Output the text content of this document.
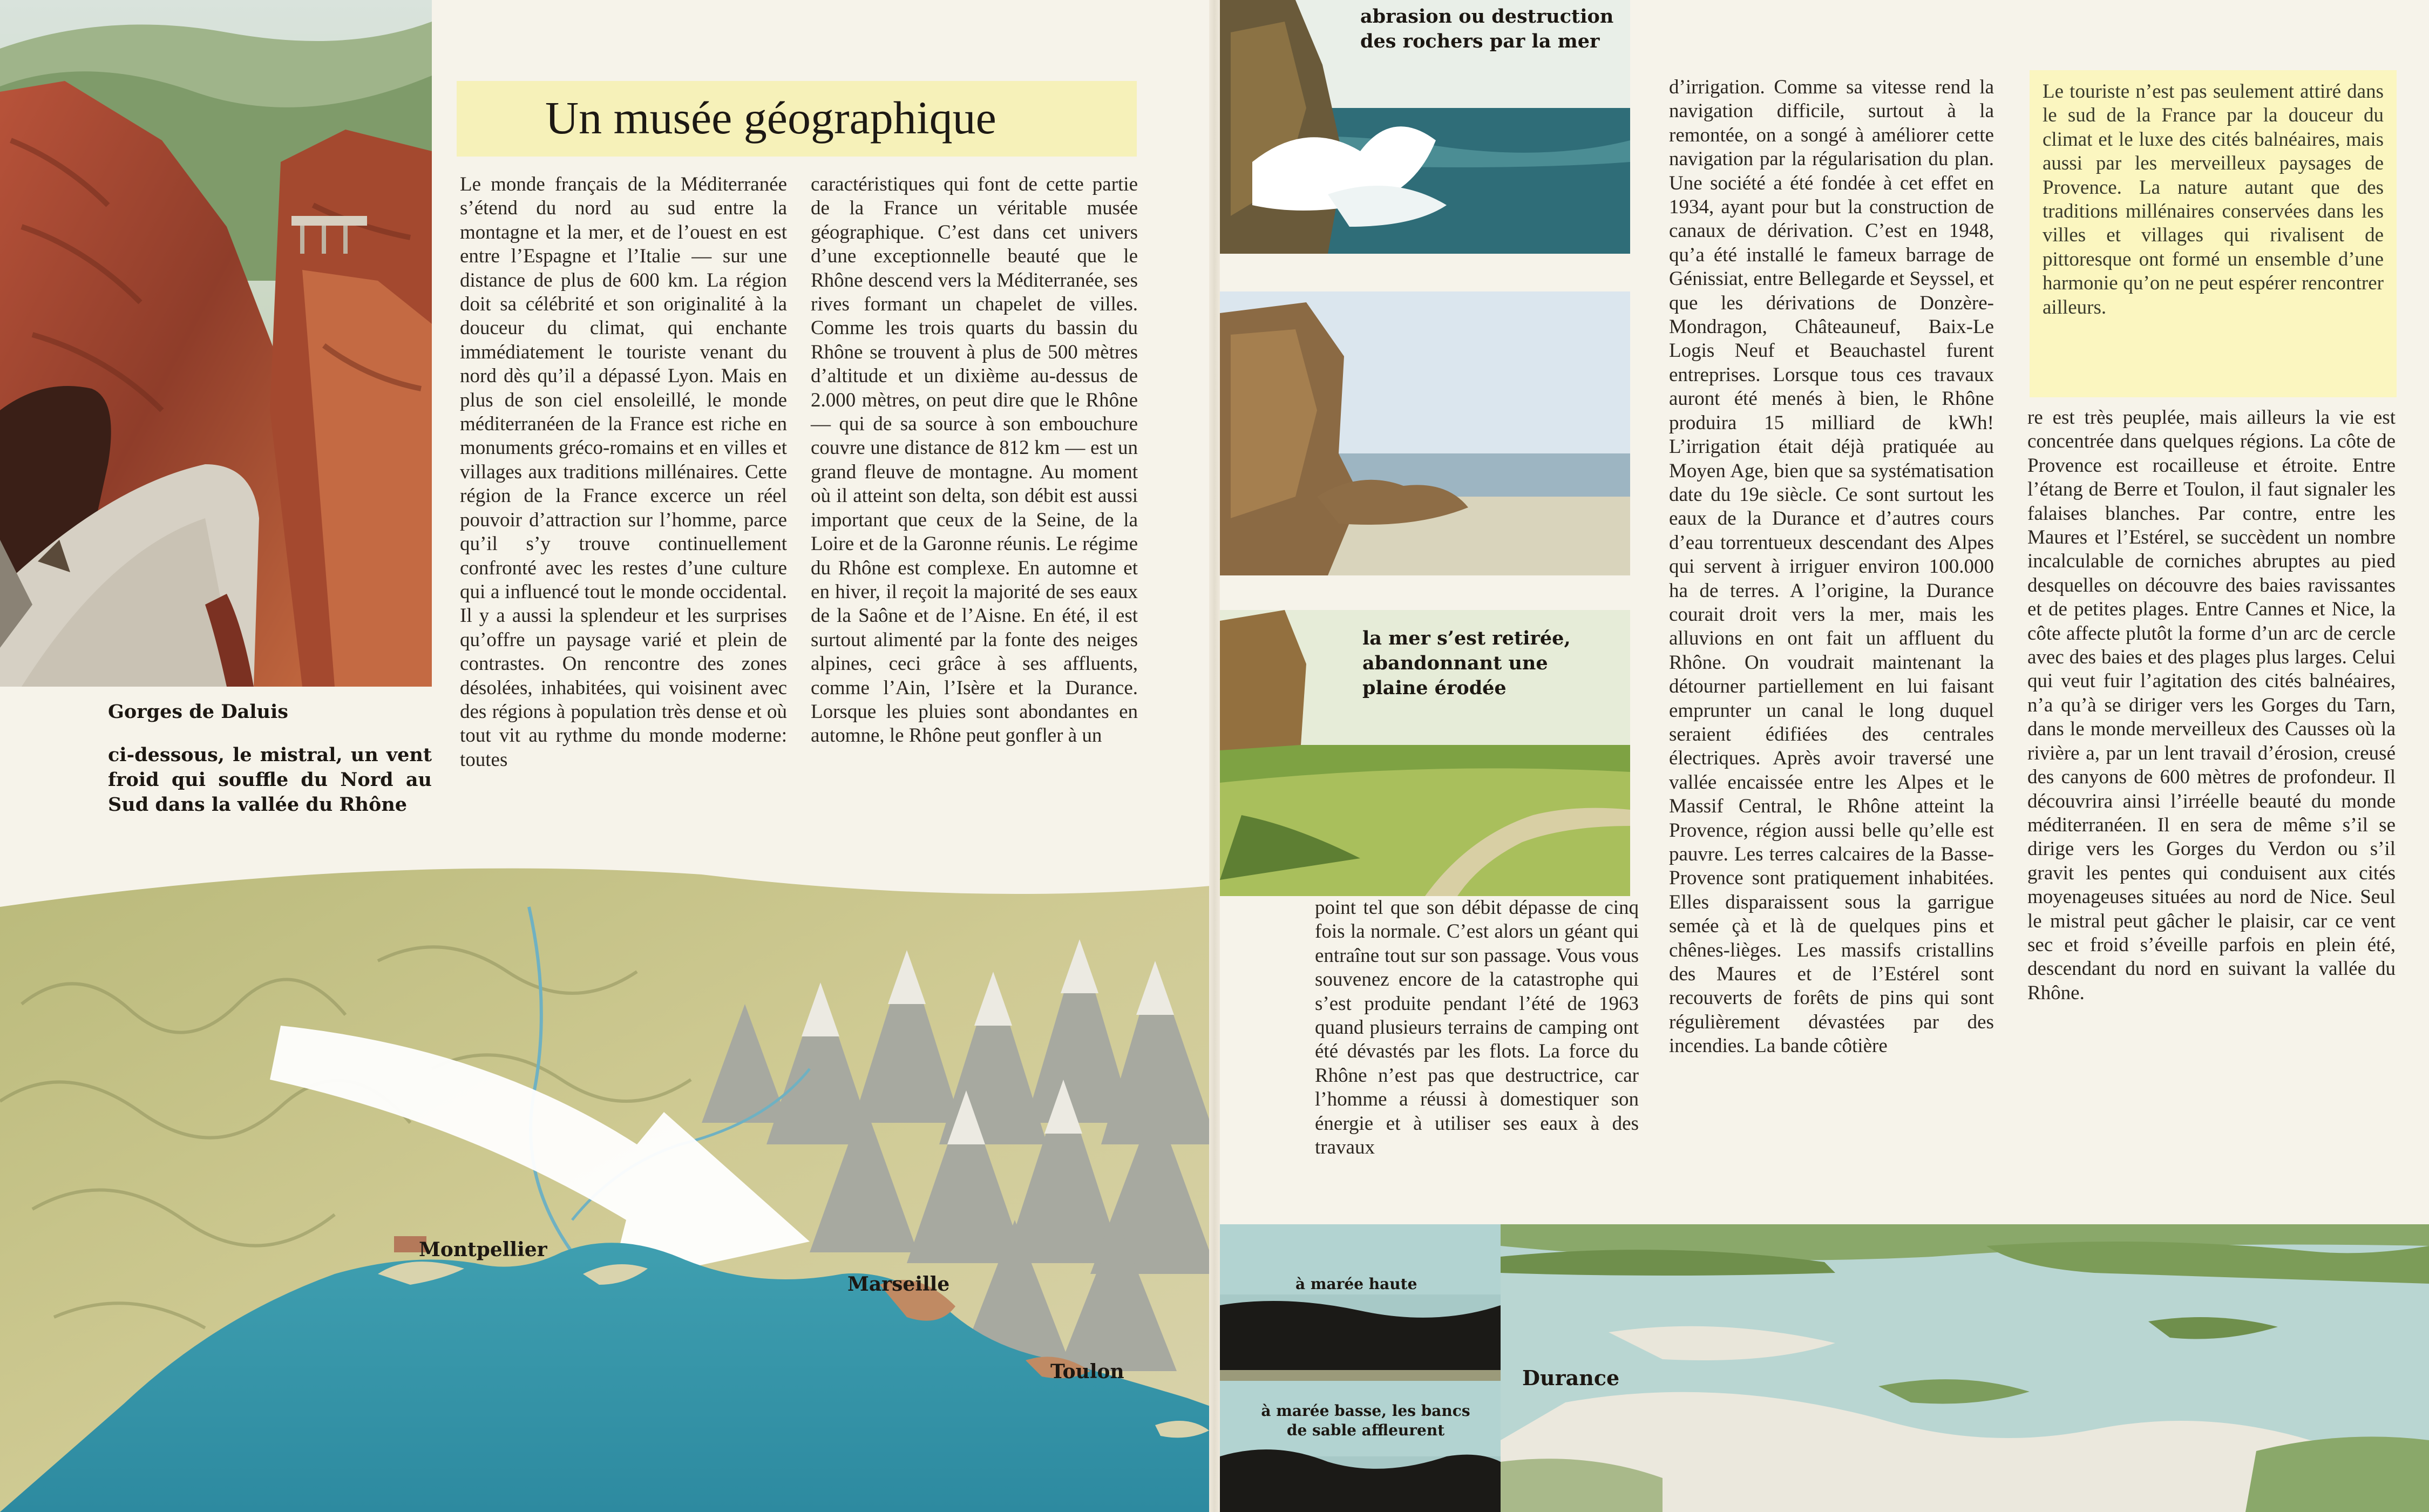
Gorges de Daluis
ci-dessous, le mistral, un vent froid qui souffle du Nord au Sud dans la vallée du Rhône
Un musée géographique
Le monde français de la Méditerranée s’étend du nord au sud entre la montagne et la mer, et de l’ouest en est entre l’Espagne et l’Italie — sur une distance de plus de 600 km. La région doit sa célébrité et son originalité à la douceur du climat, qui enchante immédiatement le touriste venant du nord dès qu’il a dépassé Lyon. Mais en plus de son ciel ensoleillé, le monde méditerranéen de la France est riche en monuments gréco-romains et en villes et villages aux traditions millénaires. Cette région de la France excerce un réel pouvoir d’attraction sur l’homme, parce qu’il s’y trouve continuellement confronté avec les restes d’une culture qui a influencé tout le monde occidental. Il y a aussi la splendeur et les surprises qu’offre un paysage varié et plein de contrastes. On rencontre des zones désolées, inhabitées, qui voisinent avec des régions à population très dense et où tout vit au rythme du monde moderne: toutes
caractéristiques qui font de cette partie de la France un véritable musée géographique. C’est dans cet univers d’une exceptionnelle beauté que le Rhône descend vers la Méditerranée, ses rives formant un chapelet de villes. Comme les trois quarts du bassin du Rhône se trouvent à plus de 500 mètres d’altitude et un dixième au-dessus de 2.000 mètres, on peut dire que le Rhône — qui de sa source à son embouchure couvre une distance de 812 km — est un grand fleuve de montagne. Au moment où il atteint son delta, son débit est aussi important que ceux de la Seine, de la Loire et de la Garonne réunis. Le régime du Rhône est complexe. En automne et en hiver, il reçoit la majorité de ses eaux de la Saône et de l’Aisne. En été, il est surtout alimenté par la fonte des neiges alpines, ceci grâce à ses affluents, comme l’Ain, l’Isère et la Durance. Lorsque les pluies sont abondantes en automne, le Rhône peut gonfler à un
Montpellier
Marseille
Toulon
abrasion ou destruction des rochers par la mer
la mer s’est retirée, abandonnant une plaine érodée
point tel que son débit dépasse de cinq fois la normale. C’est alors un géant qui entraîne tout sur son passage. Vous vous souvenez encore de la catastrophe qui s’est produite pendant l’été de 1963 quand plusieurs terrains de camping ont été dévastés par les flots. La force du Rhône n’est pas que destructrice, car l’homme a réussi à domestiquer son énergie et à utiliser ses eaux à des travaux
d’irrigation. Comme sa vitesse rend la navigation difficile, surtout à la remontée, on a songé à améliorer cette navigation par la régularisation du plan. Une société a été fondée à cet effet en 1934, ayant pour but la construction de canaux de dérivation. C’est en 1948, qu’a été installé le fameux barrage de Génissiat, entre Bellegarde et Seyssel, et que les dérivations de Donzère-Mondragon, Châteauneuf, Baix-Le Logis Neuf et Beauchastel furent entreprises. Lorsque tous ces travaux auront été menés à bien, le Rhône produira 15 milliard de kWh! L’irrigation était déjà pratiquée au Moyen Age, bien que sa systématisation date du 19e siècle. Ce sont surtout les eaux de la Durance et d’autres cours d’eau torrentueux descendant des Alpes qui servent à irriguer environ 100.000 ha de terres. A l’origine, la Durance courait droit vers la mer, mais les alluvions en ont fait un affluent du Rhône. On voudrait maintenant la détourner partiellement en lui faisant emprunter un canal le long duquel seraient édifiées des centrales électriques. Après avoir traversé une vallée encaissée entre les Alpes et le Massif Central, le Rhône atteint la Provence, région aussi belle qu’elle est pauvre. Les terres calcaires de la Basse-Provence sont pratiquement inhabitées. Elles disparaissent sous la garrigue semée çà et là de quelques pins et chênes-lièges. Les massifs cristallins des Maures et de l’Estérel sont recouverts de forêts de pins qui sont régulièrement dévastées par des incendies. La bande côtière
Le touriste n’est pas seulement attiré dans le sud de la France par la douceur du climat et le luxe des cités balnéaires, mais aussi par les merveilleux paysages de Provence. La nature autant que des traditions millénaires conservées dans les villes et villages qui rivalisent de pittoresque ont formé un ensemble d’une harmonie qu’on ne peut espérer rencontrer ailleurs.
re est très peuplée, mais ailleurs la vie est concentrée dans quelques régions. La côte de Provence est rocailleuse et étroite. Entre l’étang de Berre et Toulon, il faut signaler les falaises blanches. Par contre, entre les Maures et l’Estérel, se succèdent un nombre incalculable de corniches abruptes au pied desquelles on découvre des baies ravissantes et de petites plages. Entre Cannes et Nice, la côte affecte plutôt la forme d’un arc de cercle avec des baies et des plages plus larges. Celui qui veut fuir l’agitation des cités balnéaires, n’a qu’à se diriger vers les Gorges du Tarn, dans le monde merveilleux des Causses où la rivière a, par un lent travail d’érosion, creusé des canyons de 600 mètres de profondeur. Il découvrira ainsi l’irréelle beauté du monde méditerranéen. Il en sera de même s’il se dirige vers les Gorges du Verdon ou s’il gravit les pentes qui conduisent aux cités moyenageuses situées au nord de Nice. Seul le mistral peut gâcher le plaisir, car ce vent sec et froid s’éveille parfois en plein été, descendant du nord en suivant la vallée du Rhône.
à marée haute
à marée basse, les bancs de sable affleurent
Durance
